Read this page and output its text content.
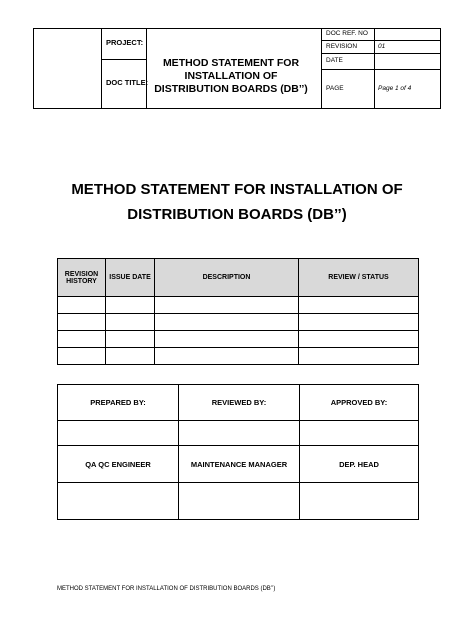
PROJECT:
DOC TITLE:
METHOD STATEMENT FOR INSTALLATION OF DISTRIBUTION BOARDS (DB’’)
DOC REF. NO
REVISION	01
DATE
PAGE	Page 1 of 4
METHOD STATEMENT FOR INSTALLATION OF DISTRIBUTION BOARDS (DB’’)
REVISION HISTORY	ISSUE DATE	DESCRIPTION	REVIEW / STATUS

PREPARED BY:	REVIEWED BY:	APPROVED BY:

QA QC ENGINEER	MAINTENANCE MANAGER	DEP. HEAD

METHOD STATEMENT FOR INSTALLATION OF DISTRIBUTION BOARDS (DB’’)
